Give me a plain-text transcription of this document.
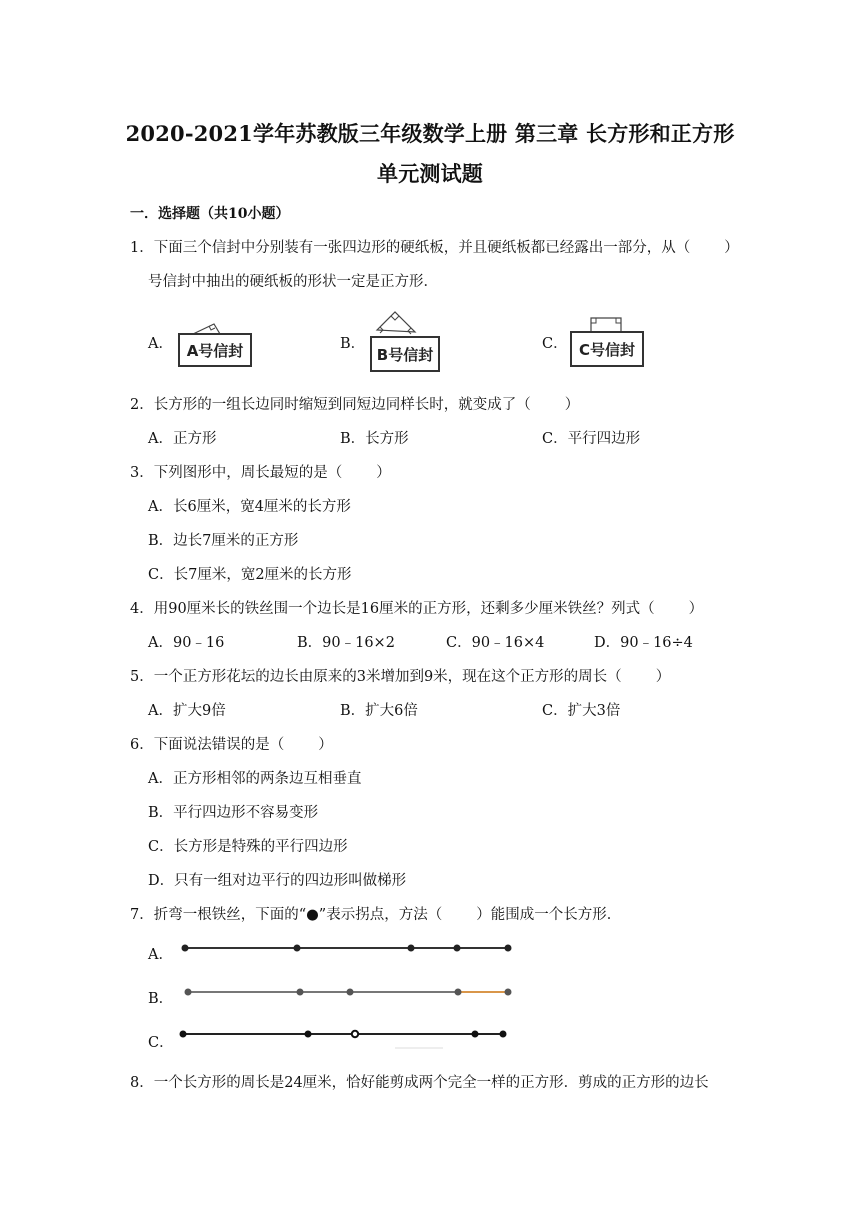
2020-2021学年苏教版三年级数学上册 第三章 长方形和正方形
单元测试题
一．选择题（共10小题）
1．下面三个信封中分别装有一张四边形的硬纸板，并且硬纸板都已经露出一部分，从（ ）
号信封中抽出的硬纸板的形状一定是正方形．
A． A号信封	B．
B号信封
C． C号信封
2．长方形的一组长边同时缩短到同短边同样长时，就变成了（ ）
A．正方形	B．长方形	C．平行四边形
3．下列图形中，周长最短的是（ ）
A．长6厘米，宽4厘米的长方形
B．边长7厘米的正方形
C．长7厘米，宽2厘米的长方形
4．用90厘米长的铁丝围一个边长是16厘米的正方形，还剩多少厘米铁丝？列式（ ）
A．90﹣16	B．90﹣16×2	C．90﹣16×4	D．90﹣16÷4
5．一个正方形花坛的边长由原来的3米增加到9米，现在这个正方形的周长（ ）
A．扩大9倍	B．扩大6倍	C．扩大3倍
6．下面说法错误的是（ ）
A．正方形相邻的两条边互相垂直
B．平行四边形不容易变形
C．长方形是特殊的平行四边形
D．只有一组对边平行的四边形叫做梯形
7．折弯一根铁丝，下面的“●”表示拐点，方法（ ）能围成一个长方形．
A．
B．
C．
8．一个长方形的周长是24厘米，恰好能剪成两个完全一样的正方形．剪成的正方形的边长
